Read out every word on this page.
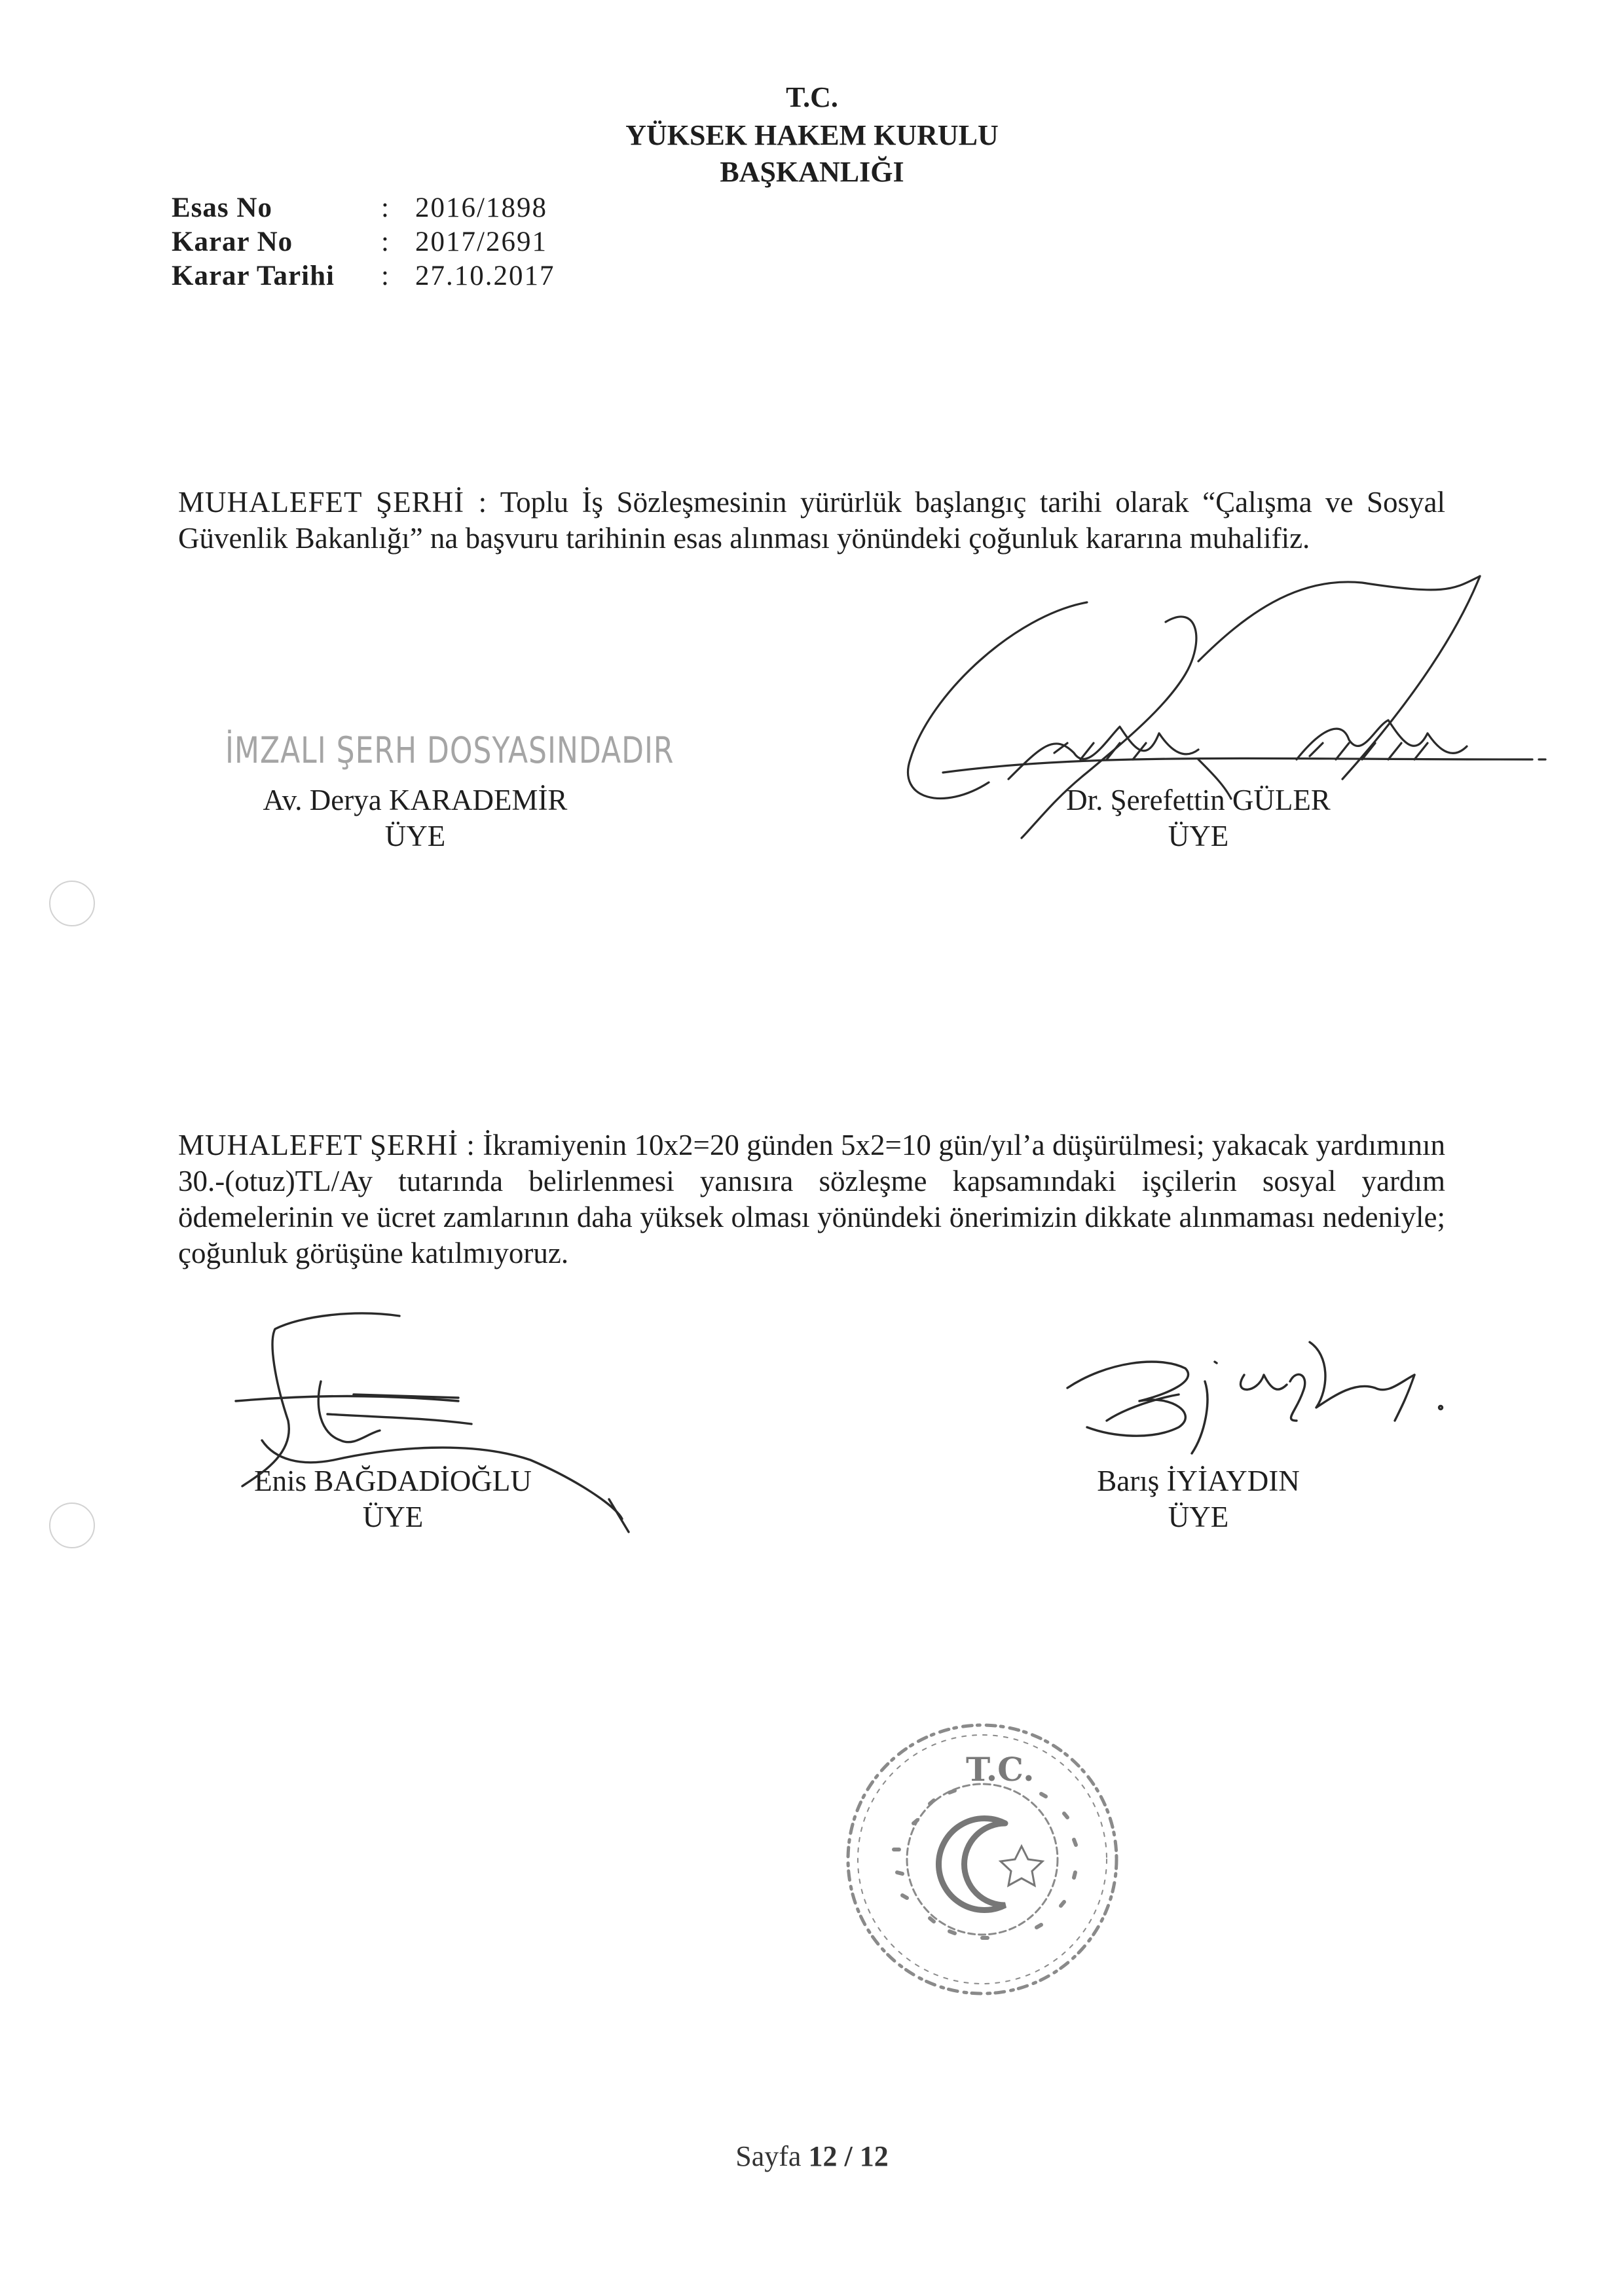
T.C.
YÜKSEK HAKEM KURULU
BAŞKANLIĞI
Esas No	: 2016/1898
Karar No	: 2017/2691
Karar Tarihi	: 27.10.2017
MUHALEFET ŞERHİ : Toplu İş Sözleşmesinin yürürlük başlangıç tarihi olarak “Çalışma ve Sosyal Güvenlik Bakanlığı” na başvuru tarihinin esas alınması yönündeki çoğunluk kararına muhalifiz.
İMZALI ŞERH DOSYASINDADIR
Av. Derya KARADEMİR
ÜYE
Dr. Şerefettin GÜLER
ÜYE
MUHALEFET ŞERHİ : İkramiyenin 10x2=20 günden 5x2=10 gün/yıl’a düşürülmesi; yakacak yardımının 30.-(otuz)TL/Ay tutarında belirlenmesi yanısıra sözleşme kapsamındaki işçilerin sosyal yardım ödemelerinin ve ücret zamlarının daha yüksek olması yönündeki önerimizin dikkate alınmaması nedeniyle; çoğunluk görüşüne katılmıyoruz.
Enis BAĞDADİOĞLU
ÜYE
Barış İYİAYDIN
ÜYE
T.C.
Sayfa 12 / 12
